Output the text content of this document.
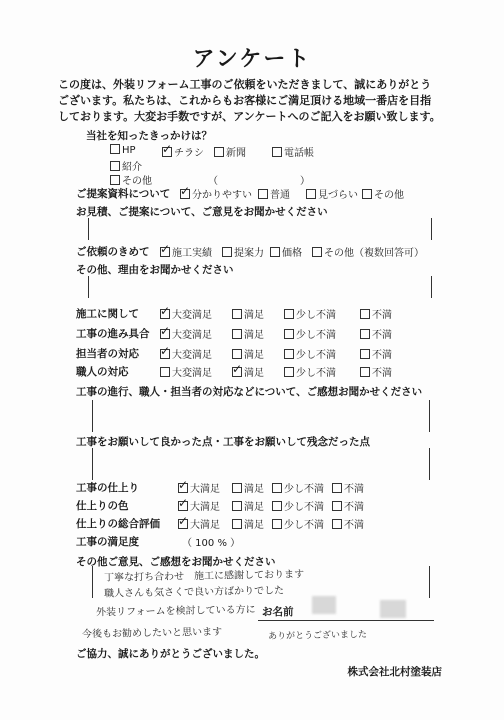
アンケート
この度は、外装リフォーム工事のご依頼をいただきまして、誠にありがとう
ございます。私たちは、これからもお客様にご満足頂ける地域一番店を目指
しております。大変お手数ですが、アンケートへのご記入をお願い致します。
当社を知ったきっかけは？
HP ✓	チラシ	新聞	電話帳
紹介
その他	（	）
ご提案資料について ✓	分かりやすい	普通	見づらい	その他
お見積、ご提案について、ご意見をお聞かせください
ご依頼のきめて ✓	施工実績	提案力	価格	その他（複数回答可）
その他、理由をお聞かせください
施工に関して ✓	大変満足	満足	少し不満	不満
工事の進み具合 ✓	大変満足	満足	少し不満	不満
担当者の対応 ✓	大変満足	満足	少し不満	不満
職人の対応	大変満足 ✓	満足	少し不満	不満
工事の進行、職人・担当者の対応などについて、ご感想お聞かせください
工事をお願いして良かった点・工事をお願いして残念だった点
工事の仕上り ✓	大満足	満足	少し不満	不満
仕上りの色 ✓	大満足	満足	少し不満	不満
仕上りの総合評価 ✓	大満足	満足	少し不満	不満
工事の満足度	（ 100 % ）
その他ご意見、ご感想をお聞かせください
丁寧な打ち合わせ　施工に感謝しております
職人さんも気さくで良い方ばかりでした
外装リフォームを検討している方に
今後もお勧めしたいと思います	ありがとうございました
お名前
ご協力、誠にありがとうございました。
株式会社北村塗装店
